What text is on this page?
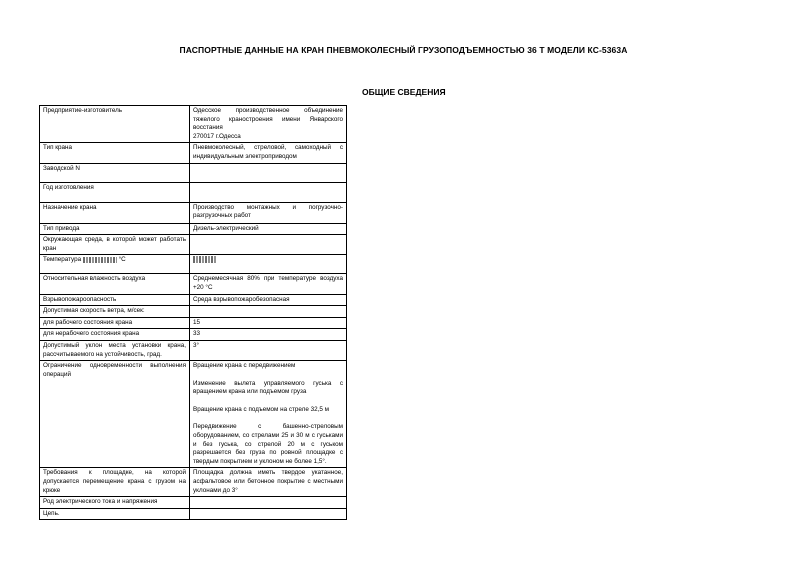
ПАСПОРТНЫЕ ДАННЫЕ НА КРАН ПНЕВМОКОЛЕСНЫЙ ГРУЗОПОДЪЕМНОСТЬЮ 36 Т МОДЕЛИ КС-5363А
ОБЩИЕ СВЕДЕНИЯ
Предприятие-изготовитель	Одесское производственное объединение тяжелого краностроения имени Январского восстания
270017 г.Одесса

Тип крана	Пневмоколесный, стреловой, самоходный с индивидуальным электроприводом
Заводской N	
Год изготовления	
Назначение крана	Производство монтажных и погрузочно-разгрузочных работ
Тип привода	Дизель-электрический
Окружающая среда, в которой может работать кран	
Температура °С	
Относительная влажность воздуха	Среднемесячная 80% при температуре воздуха +20 °С
Взрывопожароопасность	Среда взрывопожаробезопасная
Допустимая скорость ветра, м/сек:	
для рабочего состояния крана	15
для нерабочего состояния крана	33
Допустимый уклон места установки крана, рассчитываемого на устойчивость, град.	3°
Ограничение одновременности выполнения операций	Вращение крана с передвижением

Изменение вылета управляемого гуська с вращением крана или подъемом груза

Вращение крана с подъемом на стреле 32,5 м

Передвижение с башенно-стреловым оборудованием, со стрелами 25 и 30 м с гуськами и без гуська, со стрелой 20 м с гуськом разрешается без груза по ровной площадке с твердым покрытием и уклоном не более 1,5°.

Требования к площадке, на которой допускается перемещение крана с грузом на крюке	Площадка должна иметь твердое укатанное, асфальтовое или бетонное покрытие с местными уклонами до 3°
Род электрического тока и напряжения	
Цепь.	
